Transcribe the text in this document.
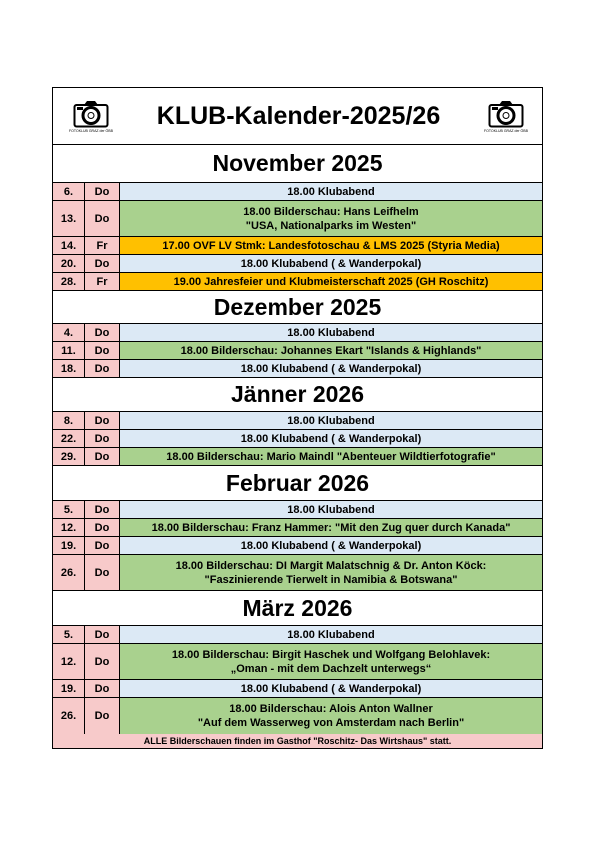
FOTOKLUB GRAZ der ÖBB
KLUB-Kalender-2025/26
FOTOKLUB GRAZ der ÖBB
November 2025
6.	Do	18.00 Klubabend
13.	Do
18.00 Bilderschau: Hans Leifhelm
"USA, Nationalparks im Westen"
14.	Fr	17.00 OVF LV Stmk: Landesfotoschau & LMS 2025 (Styria Media)
20.	Do	18.00 Klubabend ( & Wanderpokal)
28.	Fr	19.00 Jahresfeier und Klubmeisterschaft 2025 (GH Roschitz)
Dezember 2025
4.	Do	18.00 Klubabend
11.	Do	18.00 Bilderschau: Johannes Ekart "Islands & Highlands"
18.	Do	18.00 Klubabend ( & Wanderpokal)
Jänner 2026
8.	Do	18.00 Klubabend
22.	Do	18.00 Klubabend ( & Wanderpokal)
29.	Do	18.00 Bilderschau: Mario Maindl "Abenteuer Wildtierfotografie"
Februar 2026
5.	Do	18.00 Klubabend
12.	Do	18.00 Bilderschau: Franz Hammer: "Mit den Zug quer durch Kanada"
19.	Do	18.00 Klubabend ( & Wanderpokal)
26.	Do
18.00 Bilderschau: DI Margit Malatschnig & Dr. Anton Köck:
"Faszinierende Tierwelt in Namibia & Botswana"
März 2026
5.	Do	18.00 Klubabend
12.	Do
18.00 Bilderschau: Birgit Haschek und Wolfgang Belohlavek:
„Oman - mit dem Dachzelt unterwegs“
19.	Do	18.00 Klubabend ( & Wanderpokal)
26.	Do
18.00 Bilderschau: Alois Anton Wallner
"Auf dem Wasserweg von Amsterdam nach Berlin"
ALLE Bilderschauen finden im Gasthof "Roschitz- Das Wirtshaus" statt.
